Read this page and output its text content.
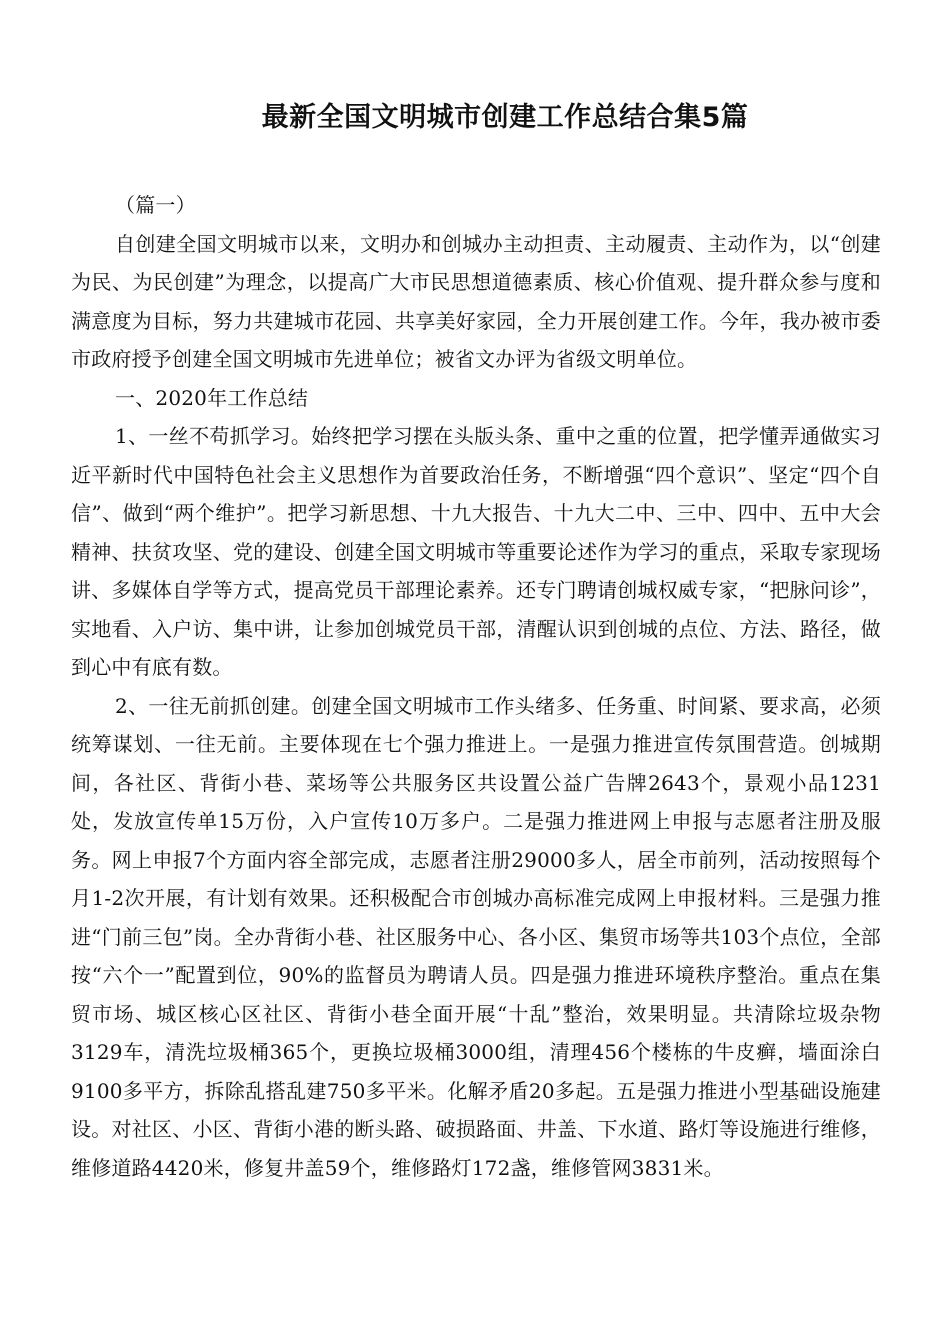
最新全国文明城市创建工作总结合集5篇

（篇一）

自创建全国文明城市以来，文明办和创城办主动担责、主动履责、主动作为，以“创建为民、为民创建”为理念，以提高广大市民思想道德素质、核心价值观、提升群众参与度和满意度为目标，努力共建城市花园、共享美好家园，全力开展创建工作。今年，我办被市委市政府授予创建全国文明城市先进单位；被省文办评为省级文明单位。

一、2020年工作总结

1、一丝不苟抓学习。始终把学习摆在头版头条、重中之重的位置，把学懂弄通做实习近平新时代中国特色社会主义思想作为首要政治任务，不断增强“四个意识”、坚定“四个自信”、做到“两个维护”。把学习新思想、十九大报告、十九大二中、三中、四中、五中大会精神、扶贫攻坚、党的建设、创建全国文明城市等重要论述作为学习的重点，采取专家现场讲、多媒体自学等方式，提高党员干部理论素养。还专门聘请创城权威专家，“把脉问诊”，实地看、入户访、集中讲，让参加创城党员干部，清醒认识到创城的点位、方法、路径，做到心中有底有数。

2、一往无前抓创建。创建全国文明城市工作头绪多、任务重、时间紧、要求高，必须统筹谋划、一往无前。主要体现在七个强力推进上。一是强力推进宣传氛围营造。创城期间，各社区、背街小巷、菜场等公共服务区共设置公益广告牌2643个，景观小品1231处，发放宣传单15万份，入户宣传10万多户。二是强力推进网上申报与志愿者注册及服务。网上申报7个方面内容全部完成，志愿者注册29000多人，居全市前列，活动按照每个月1-2次开展，有计划有效果。还积极配合市创城办高标准完成网上申报材料。三是强力推进“门前三包”岗。全办背街小巷、社区服务中心、各小区、集贸市场等共103个点位，全部按“六个一”配置到位，90%的监督员为聘请人员。四是强力推进环境秩序整治。重点在集贸市场、城区核心区社区、背街小巷全面开展“十乱”整治，效果明显。共清除垃圾杂物3129车，清洗垃圾桶365个，更换垃圾桶3000组，清理456个楼栋的牛皮癣，墙面涂白9100多平方，拆除乱搭乱建750多平米。化解矛盾20多起。五是强力推进小型基础设施建设。对社区、小区、背街小港的断头路、破损路面、井盖、下水道、路灯等设施进行维修，维修道路4420米，修复井盖59个，维修路灯172盏，维修管网3831米。
